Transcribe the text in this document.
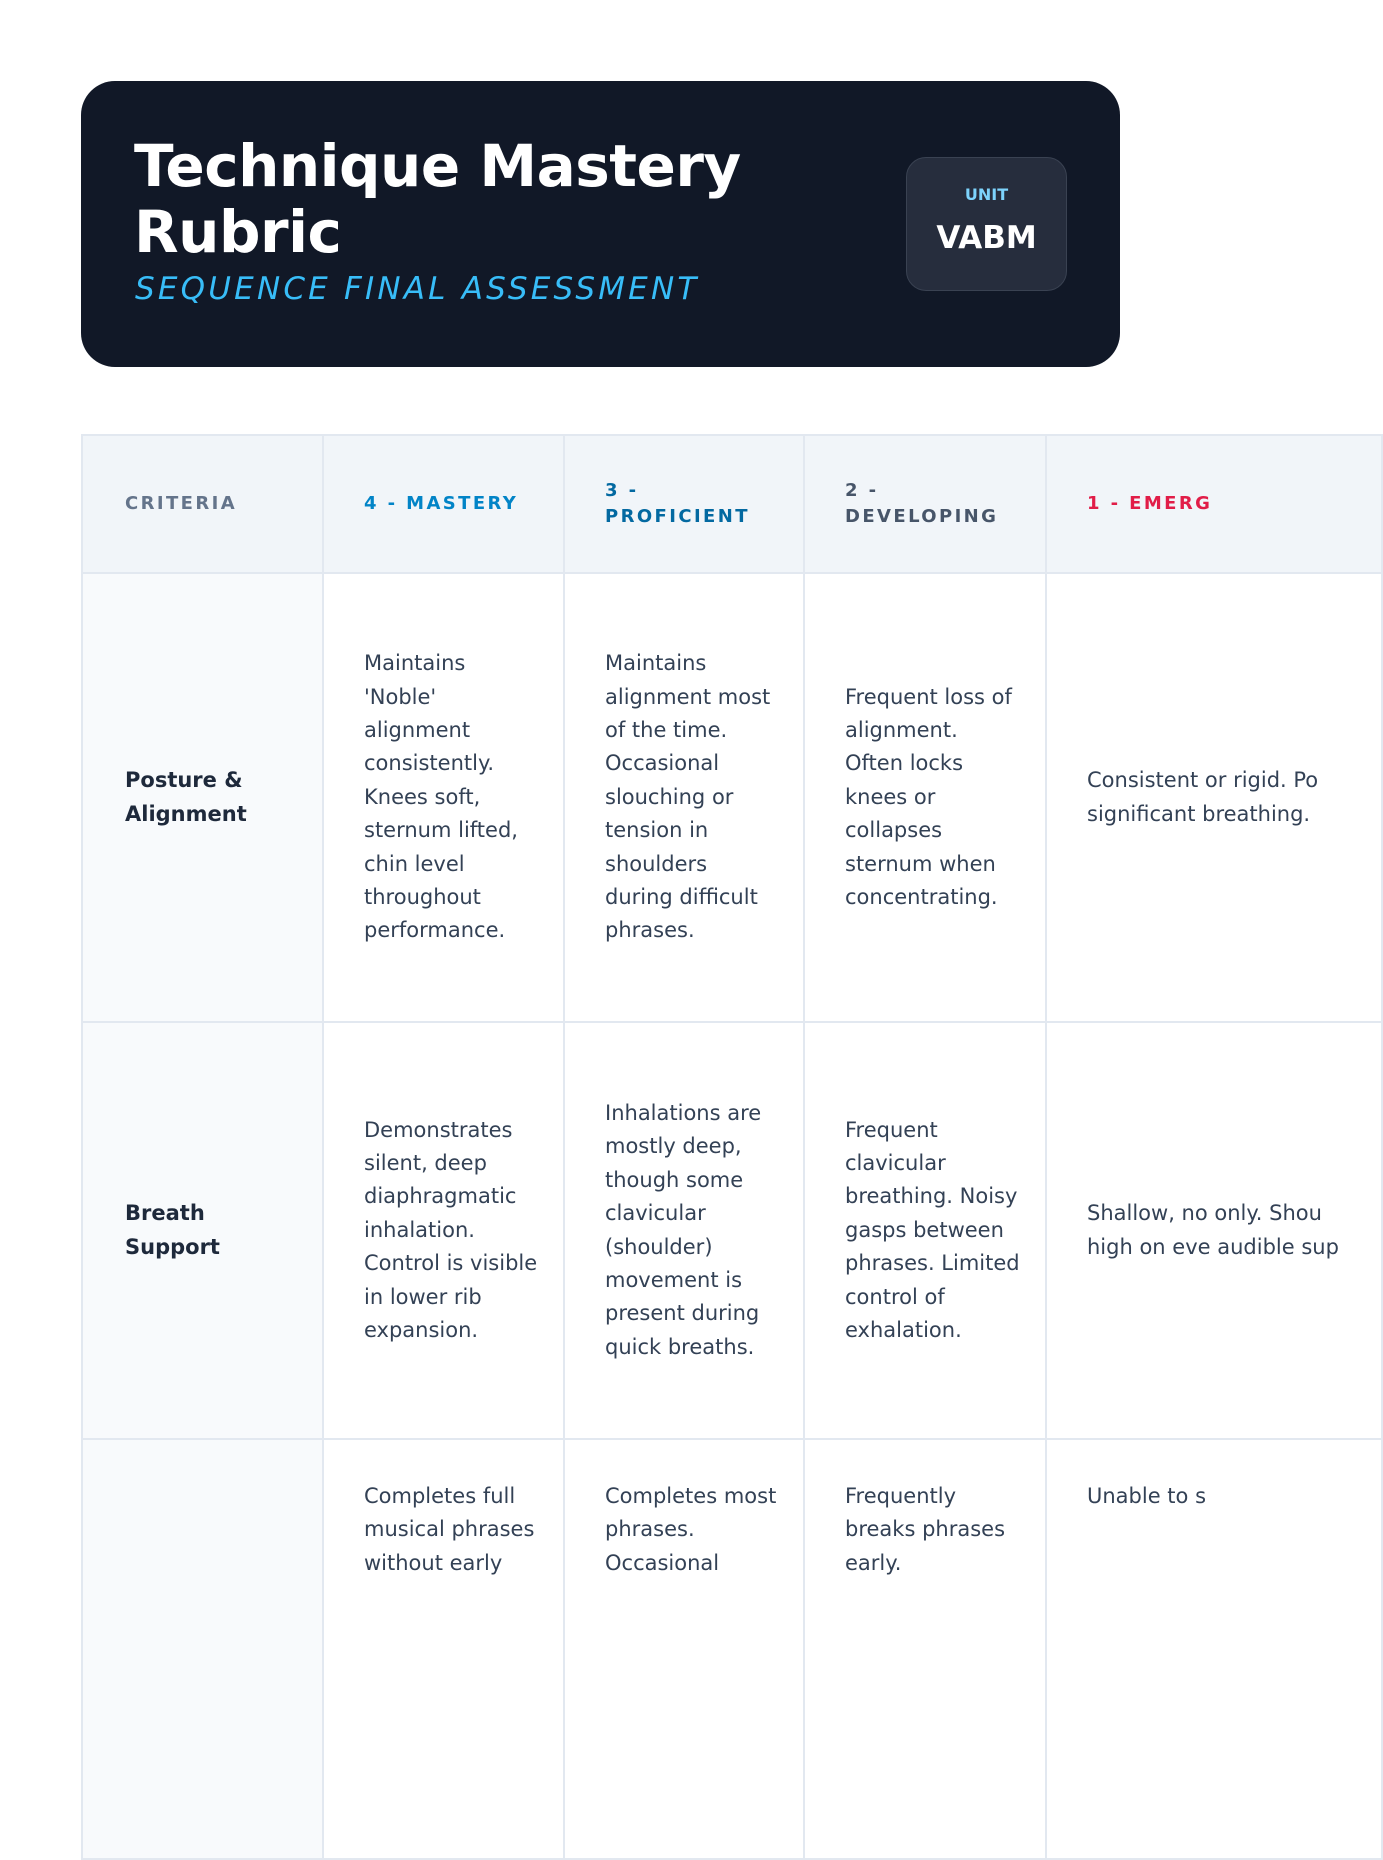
Technique Mastery Rubric

SEQUENCE FINAL ASSESSMENT

UNIT
VABM
CRITERIA	4 - MASTERY	3 - PROFICIENT	2 - DEVELOPING	1 - EMERG
Posture & Alignment	Maintains 'Noble' alignment consistently. Knees soft, sternum lifted, chin level throughout performance.	Maintains alignment most of the time. Occasional slouching or tension in shoulders during difficult phrases.	Frequent loss of alignment. Often locks knees or collapses sternum when concentrating.	Consistent or rigid. Po significant breathing.
Breath Support	Demonstrates silent, deep diaphragmatic inhalation. Control is visible in lower rib expansion.	Inhalations are mostly deep, though some clavicular (shoulder) movement is present during quick breaths.	Frequent clavicular breathing. Noisy gasps between phrases. Limited control of exhalation.	Shallow, no only. Shou high on eve audible sup
	Completes full musical phrases without early	Completes most phrases. Occasional	Frequently breaks phrases early.	Unable to s
